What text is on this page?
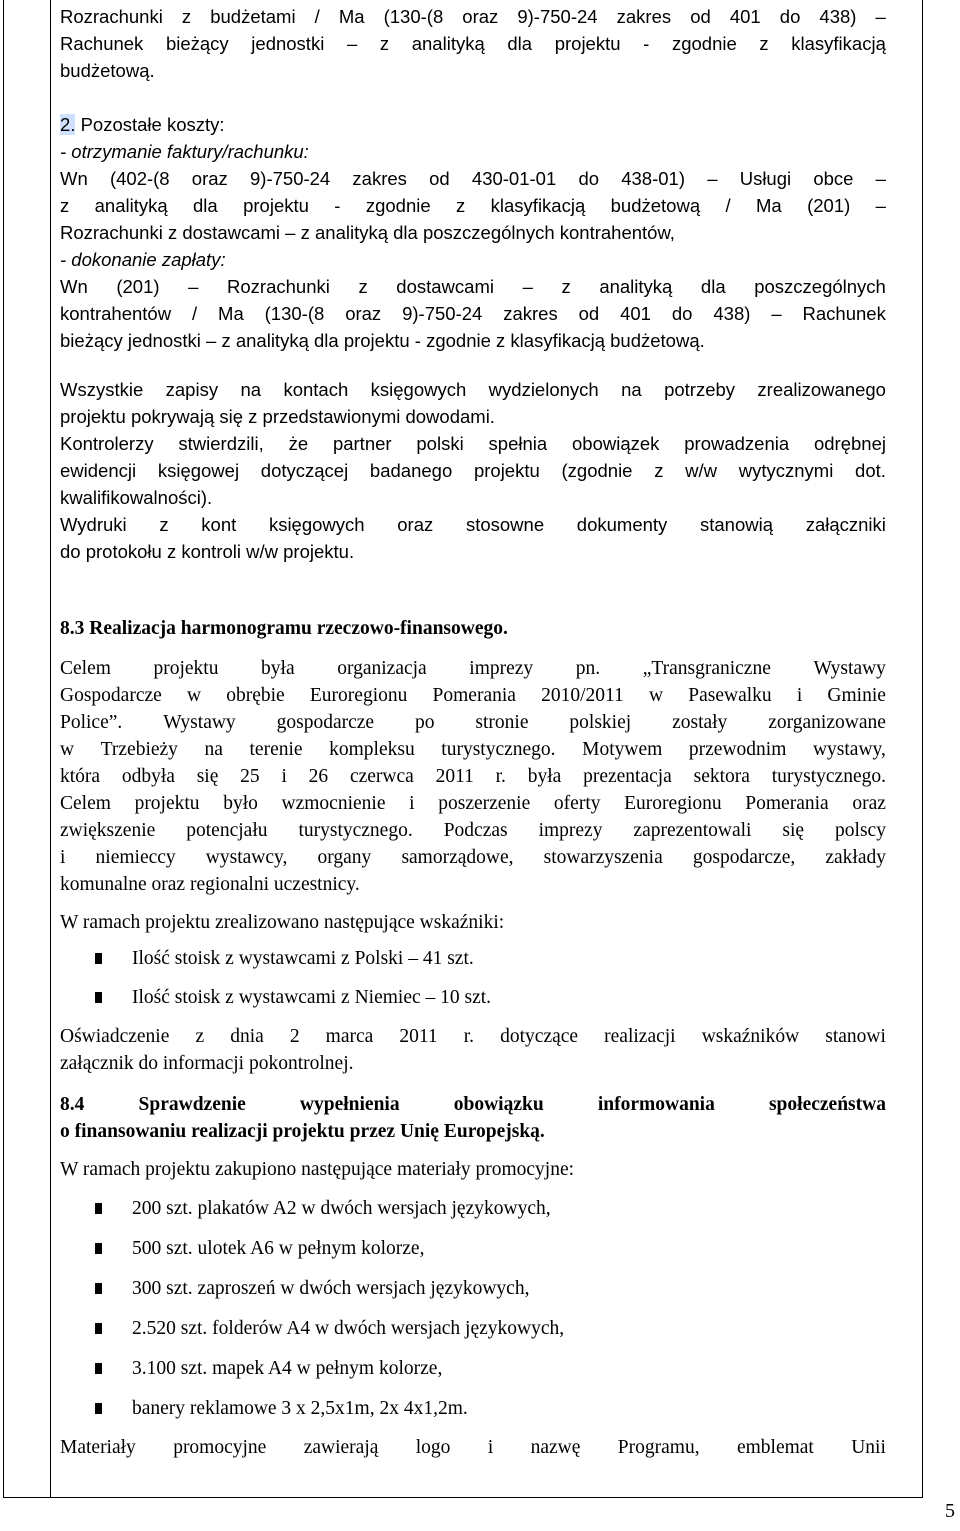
Rozrachunki z budżetami / Ma (130-(8 oraz 9)-750-24 zakres od 401 do 438) –
Rachunek bieżący jednostki – z analityką dla projektu - zgodnie z klasyfikacją
budżetową.
2. Pozostałe koszty:
- otrzymanie faktury/rachunku:
Wn (402-(8 oraz 9)-750-24 zakres od 430-01-01 do 438-01) – Usługi obce –
z analityką dla projektu - zgodnie z klasyfikacją budżetową / Ma (201) –
Rozrachunki z dostawcami – z analityką dla poszczególnych kontrahentów,
- dokonanie zapłaty:
Wn (201) – Rozrachunki z dostawcami – z analityką dla poszczególnych
kontrahentów / Ma (130-(8 oraz 9)-750-24 zakres od 401 do 438) – Rachunek
bieżący jednostki – z analityką dla projektu - zgodnie z klasyfikacją budżetową.
Wszystkie zapisy na kontach księgowych wydzielonych na potrzeby zrealizowanego
projektu pokrywają się z przedstawionymi dowodami.
Kontrolerzy stwierdzili, że partner polski spełnia obowiązek prowadzenia odrębnej
ewidencji księgowej dotyczącej badanego projektu (zgodnie z w/w wytycznymi dot.
kwalifikowalności).
Wydruki z kont księgowych oraz stosowne dokumenty stanowią załączniki
do protokołu z kontroli w/w projektu.
8.3 Realizacja harmonogramu rzeczowo-finansowego.
Celem projektu była organizacja imprezy pn. „Transgraniczne Wystawy
Gospodarcze w obrębie Euroregionu Pomerania 2010/2011 w Pasewalku i Gminie
Police”. Wystawy gospodarcze po stronie polskiej zostały zorganizowane
w Trzebieży na terenie kompleksu turystycznego. Motywem przewodnim wystawy,
która odbyła się 25 i 26 czerwca 2011 r. była prezentacja sektora turystycznego.
Celem projektu było wzmocnienie i poszerzenie oferty Euroregionu Pomerania oraz
zwiększenie potencjału turystycznego. Podczas imprezy zaprezentowali się polscy
i niemieccy wystawcy, organy samorządowe, stowarzyszenia gospodarcze, zakłady
komunalne oraz regionalni uczestnicy.
W ramach projektu zrealizowano następujące wskaźniki:
Ilość stoisk z wystawcami z Polski – 41 szt.
Ilość stoisk z wystawcami z Niemiec – 10 szt.
Oświadczenie z dnia 2 marca 2011 r. dotyczące realizacji wskaźników stanowi
załącznik do informacji pokontrolnej.
8.4	Sprawdzenie	wypełnienia	obowiązku	informowania	społeczeństwa
o finansowaniu realizacji projektu przez Unię Europejską.
W ramach projektu zakupiono następujące materiały promocyjne:
200 szt. plakatów A2 w dwóch wersjach językowych,
500 szt. ulotek A6 w pełnym kolorze,
300 szt. zaproszeń w dwóch wersjach językowych,
2.520 szt. folderów A4 w dwóch wersjach językowych,
3.100 szt. mapek A4 w pełnym kolorze,
banery reklamowe 3 x 2,5x1m, 2x 4x1,2m.
Materiały promocyjne zawierają logo i nazwę Programu, emblemat Unii
5
